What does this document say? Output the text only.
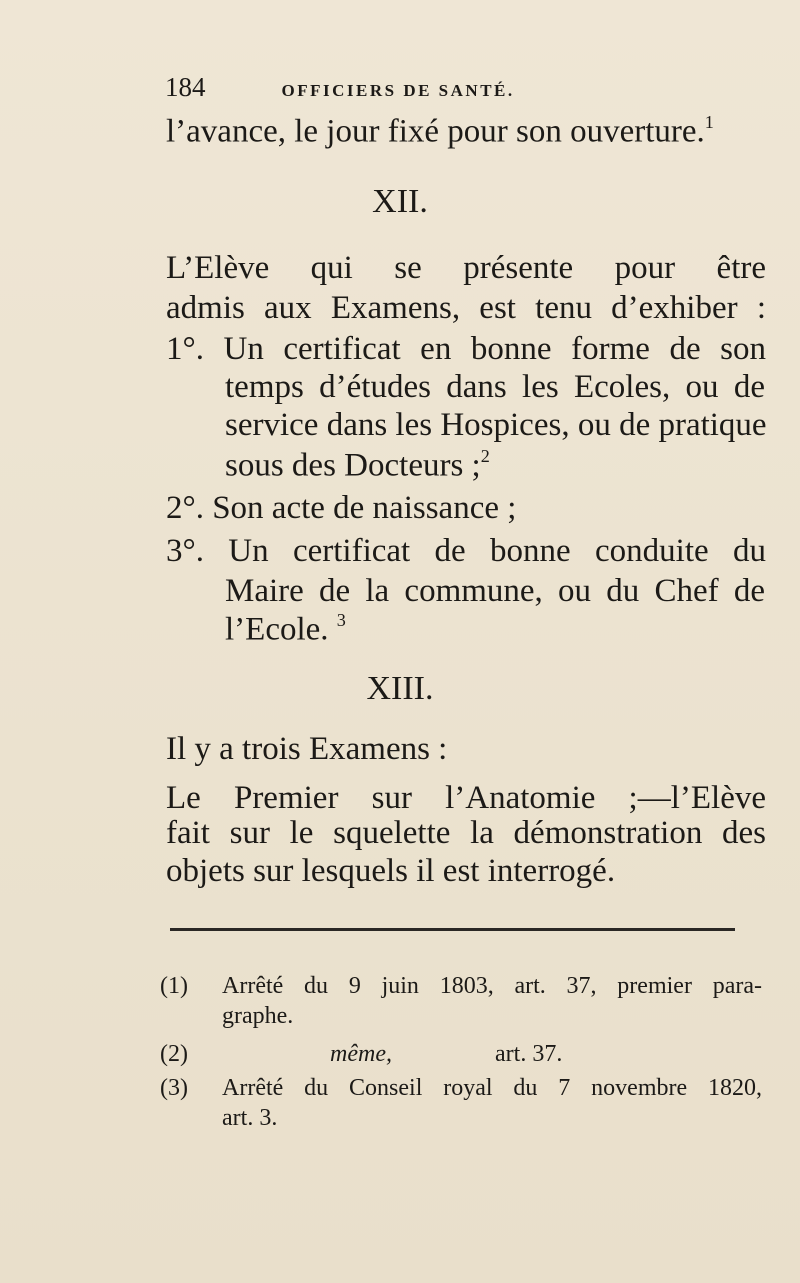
184	OFFICIERS DE SANTÉ.
l’avance, le jour fixé pour son ouverture.$^1$
XII.
L’Elève qui se présente pour être
admis aux Examens, est tenu d’exhiber :
1°. Un certificat en bonne forme de son
temps d’études dans les Ecoles, ou de
service dans les Hospices, ou de pratique
sous des Docteurs ;$^2$
2°. Son acte de naissance ;
3°. Un certificat de bonne conduite du
Maire de la commune, ou du Chef de
l’Ecole. $^3$
XIII.
Il y a trois Examens :
Le Premier sur l’Anatomie ;—l’Elève
fait sur le squelette la démonstration des
objets sur lesquels il est interrogé.
(1) Arrêté du 9 juin 1803, art. 37, premier para-
graphe.
(2)	même,	art. 37.
(3) Arrêté du Conseil royal du 7 novembre 1820,
art. 3.
